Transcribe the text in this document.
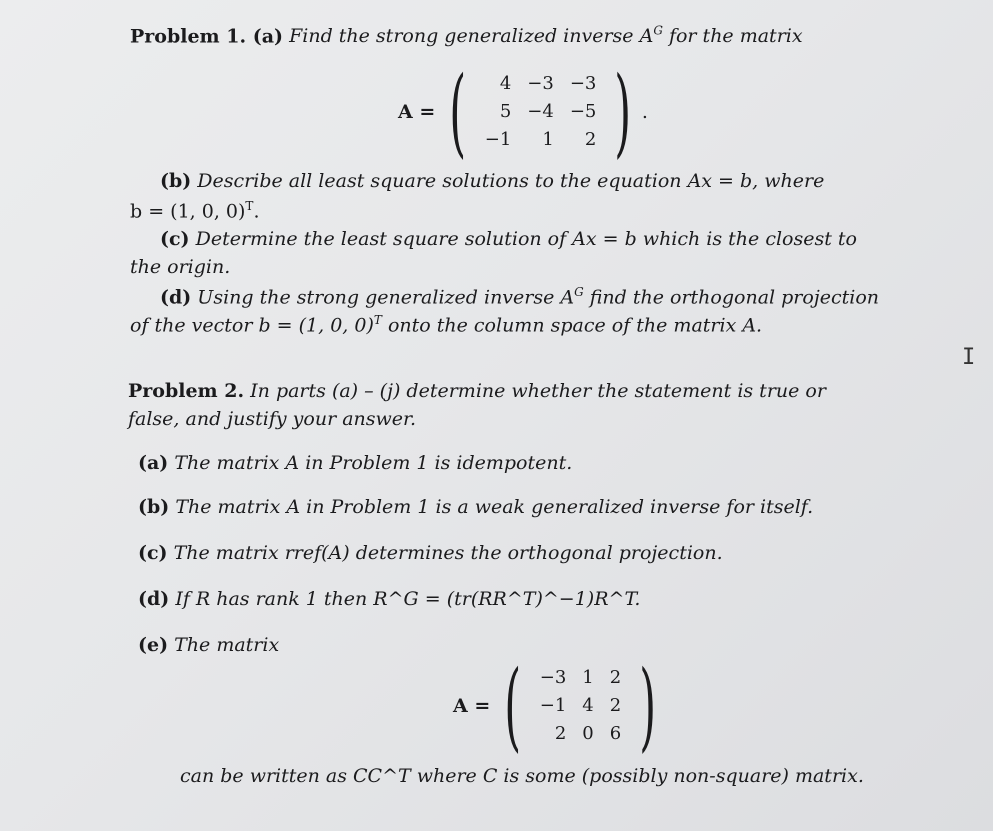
Problem 1. (a) Find the strong generalized inverse $A^G$ for the matrix
A = ( 4	−3	−3
5	−4	−5
−1	1	2 ) .
(b) Describe all least square solutions to the equation Ax = b, where
b = (1, 0, 0)$^T$.
(c) Determine the least square solution of Ax = b which is the closest to
the origin.
(d) Using the strong generalized inverse $A^G$ find the orthogonal projection
of the vector b = (1, 0, 0)$^T$ onto the column space of the matrix A.
Problem 2. In parts (a) – (j) determine whether the statement is true or
false, and justify your answer.
(a) The matrix A in Problem 1 is idempotent.
(b) The matrix A in Problem 1 is a weak generalized inverse for itself.
(c) The matrix rref(A) determines the orthogonal projection.
(d) If R has rank 1 then R^G = (tr(RR^T)^−1)R^T.
(e) The matrix
A = ( −3	1	2
−1	4	2
2	0	6 )
can be written as CC^T where C is some (possibly non-square) matrix.
I
